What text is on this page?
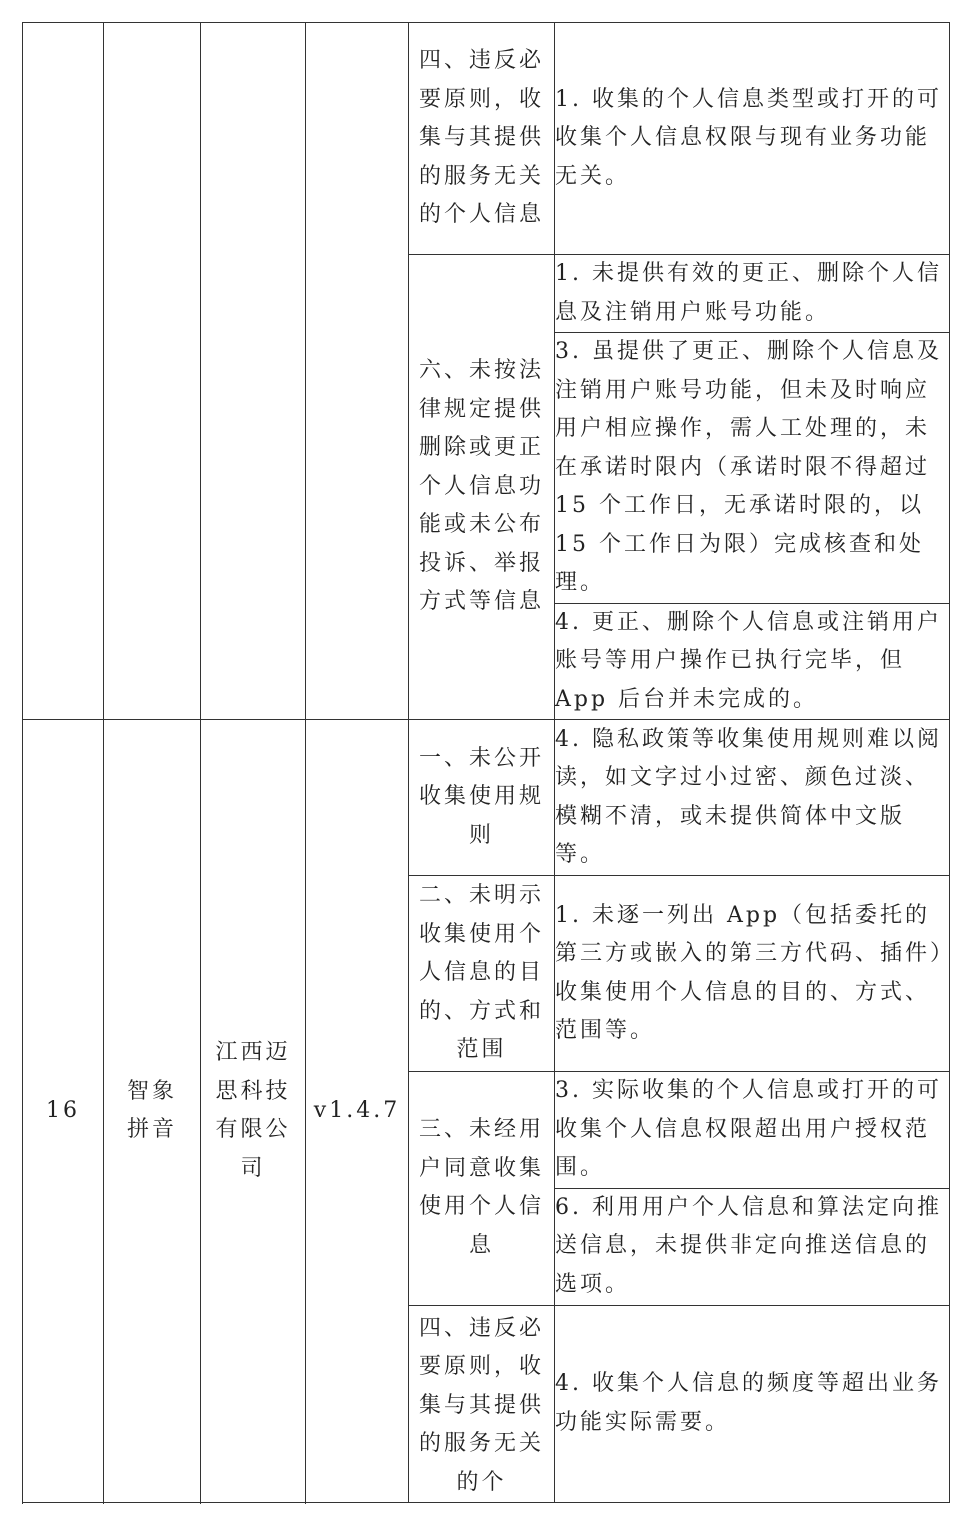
				四、违反必要原则，收集与其提供的服务无关的个人信息	1. 收集的个人信息类型或打开的可收集个人信息权限与现有业务功能无关。
				六、未按法律规定提供删除或更正个人信息功能或未公布投诉、举报方式等信息	1. 未提供有效的更正、删除个人信息及注销用户账号功能。
					3. 虽提供了更正、删除个人信息及注销用户账号功能，但未及时响应用户相应操作，需人工处理的，未在承诺时限内（承诺时限不得超过 15 个工作日，无承诺时限的，以 15 个工作日为限）完成核查和处理。
					4. 更正、删除个人信息或注销用户账号等用户操作已执行完毕，但 App 后台并未完成的。

16	智象拼音	江西迈思科技有限公司	v1.4.7	一、未公开收集使用规则	4. 隐私政策等收集使用规则难以阅读，如文字过小过密、颜色过淡、模糊不清，或未提供简体中文版等。
				二、未明示收集使用个人信息的目的、方式和范围	1. 未逐一列出 App（包括委托的第三方或嵌入的第三方代码、插件）收集使用个人信息的目的、方式、范围等。
				三、未经用户同意收集使用个人信息	3. 实际收集的个人信息或打开的可收集个人信息权限超出用户授权范围。
					6. 利用用户个人信息和算法定向推送信息，未提供非定向推送信息的选项。
				四、违反必要原则，收集与其提供的服务无关的个	4. 收集个人信息的频度等超出业务功能实际需要。
